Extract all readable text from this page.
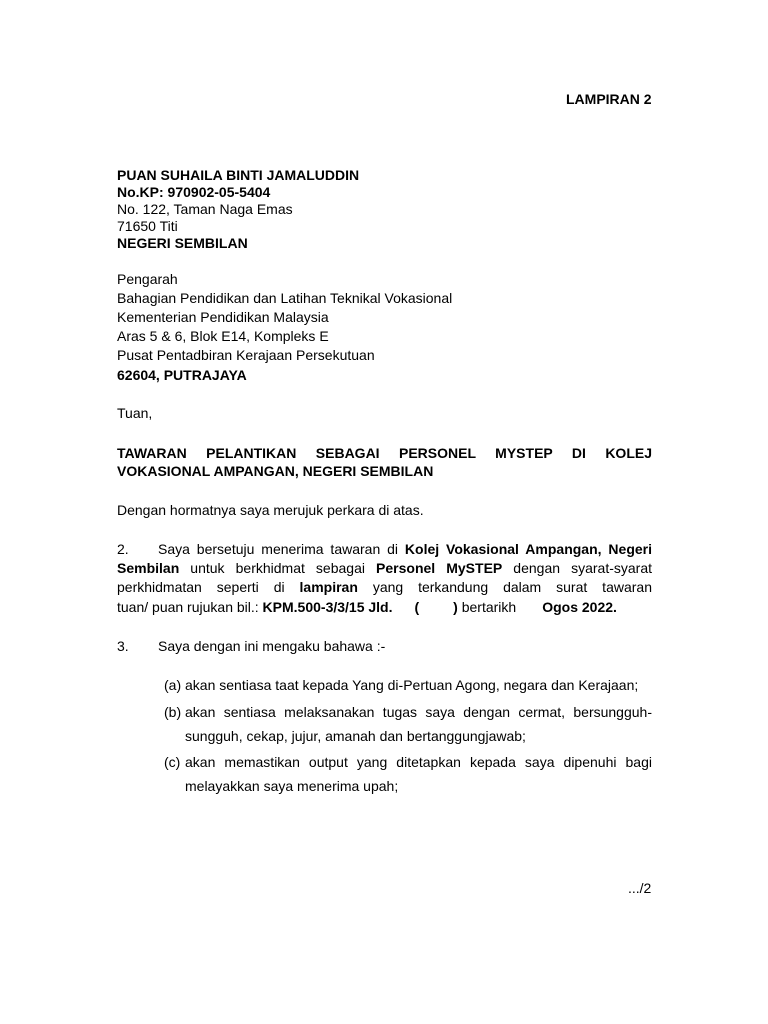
LAMPIRAN 2
PUAN SUHAILA BINTI JAMALUDDIN
No.KP: 970902-05-5404
No. 122, Taman Naga Emas
71650 Titi
NEGERI SEMBILAN
Pengarah
Bahagian Pendidikan dan Latihan Teknikal Vokasional
Kementerian Pendidikan Malaysia
Aras 5 & 6, Blok E14, Kompleks E
Pusat Pentadbiran Kerajaan Persekutuan
62604, PUTRAJAYA
Tuan,
TAWARAN PELANTIKAN SEBAGAI PERSONEL MYSTEP DI KOLEJ
VOKASIONAL AMPANGAN, NEGERI SEMBILAN
Dengan hormatnya saya merujuk perkara di atas.
2. Saya bersetuju menerima tawaran di Kolej Vokasional Ampangan, Negeri
Sembilan untuk berkhidmat sebagai Personel MySTEP dengan syarat-syarat
perkhidmatan seperti di lampiran yang terkandung dalam surat tawaran
tuan/ puan rujukan bil.: KPM.500-3/3/15 Jld. ( ) bertarikh Ogos 2022.
3. Saya dengan ini mengaku bahawa :-
(a) akan sentiasa taat kepada Yang di-Pertuan Agong, negara dan Kerajaan;
(b) akan sentiasa melaksanakan tugas saya dengan cermat, bersungguh-sungguh, cekap, jujur, amanah dan bertanggungjawab;
(c) akan memastikan output yang ditetapkan kepada saya dipenuhi bagi melayakkan saya menerima upah;
.../2
